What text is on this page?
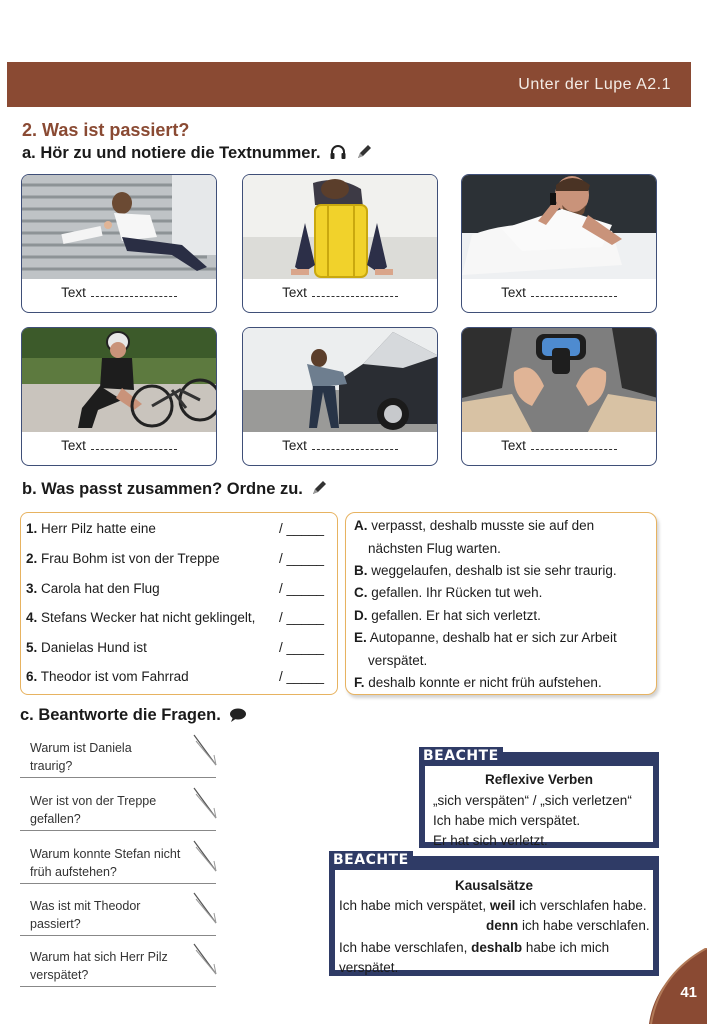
Unter der Lupe A2.1
2. Was ist passiert?
a. Hör zu und notiere die Textnummer.
Text	Text	Text
Text	Text	Text
b. Was passt zusammen? Ordne zu.
1. Herr Pilz hatte eine	/ _____
2. Frau Bohm ist von der Treppe	/ _____
3. Carola hat den Flug	/ _____
4. Stefans Wecker hat nicht geklingelt, / _____
5. Danielas Hund ist	/ _____
6. Theodor ist vom Fahrrad	/ _____
A. verpasst, deshalb musste sie auf den
nächsten Flug warten.
B. weggelaufen, deshalb ist sie sehr traurig.
C. gefallen. Ihr Rücken tut weh.
D. gefallen. Er hat sich verletzt.
E. Autopanne, deshalb hat er sich zur Arbeit
verspätet.
F. deshalb konnte er nicht früh aufstehen.
c. Beantworte die Fragen.
Warum ist Daniela
traurig?
Wer ist von der Treppe
gefallen?
Warum konnte Stefan nicht
früh aufstehen?
Was ist mit Theodor
passiert?
Warum hat sich Herr Pilz
verspätet?
BEACHTE
Reflexive Verben
„sich verspäten“ / „sich verletzen“
Ich habe mich verspätet.
Er hat sich verletzt.
BEACHTE
Kausalsätze
Ich habe mich verspätet, weil ich verschlafen habe.
denn ich habe verschlafen.
Ich habe verschlafen, deshalb habe ich mich
verspätet.
41
